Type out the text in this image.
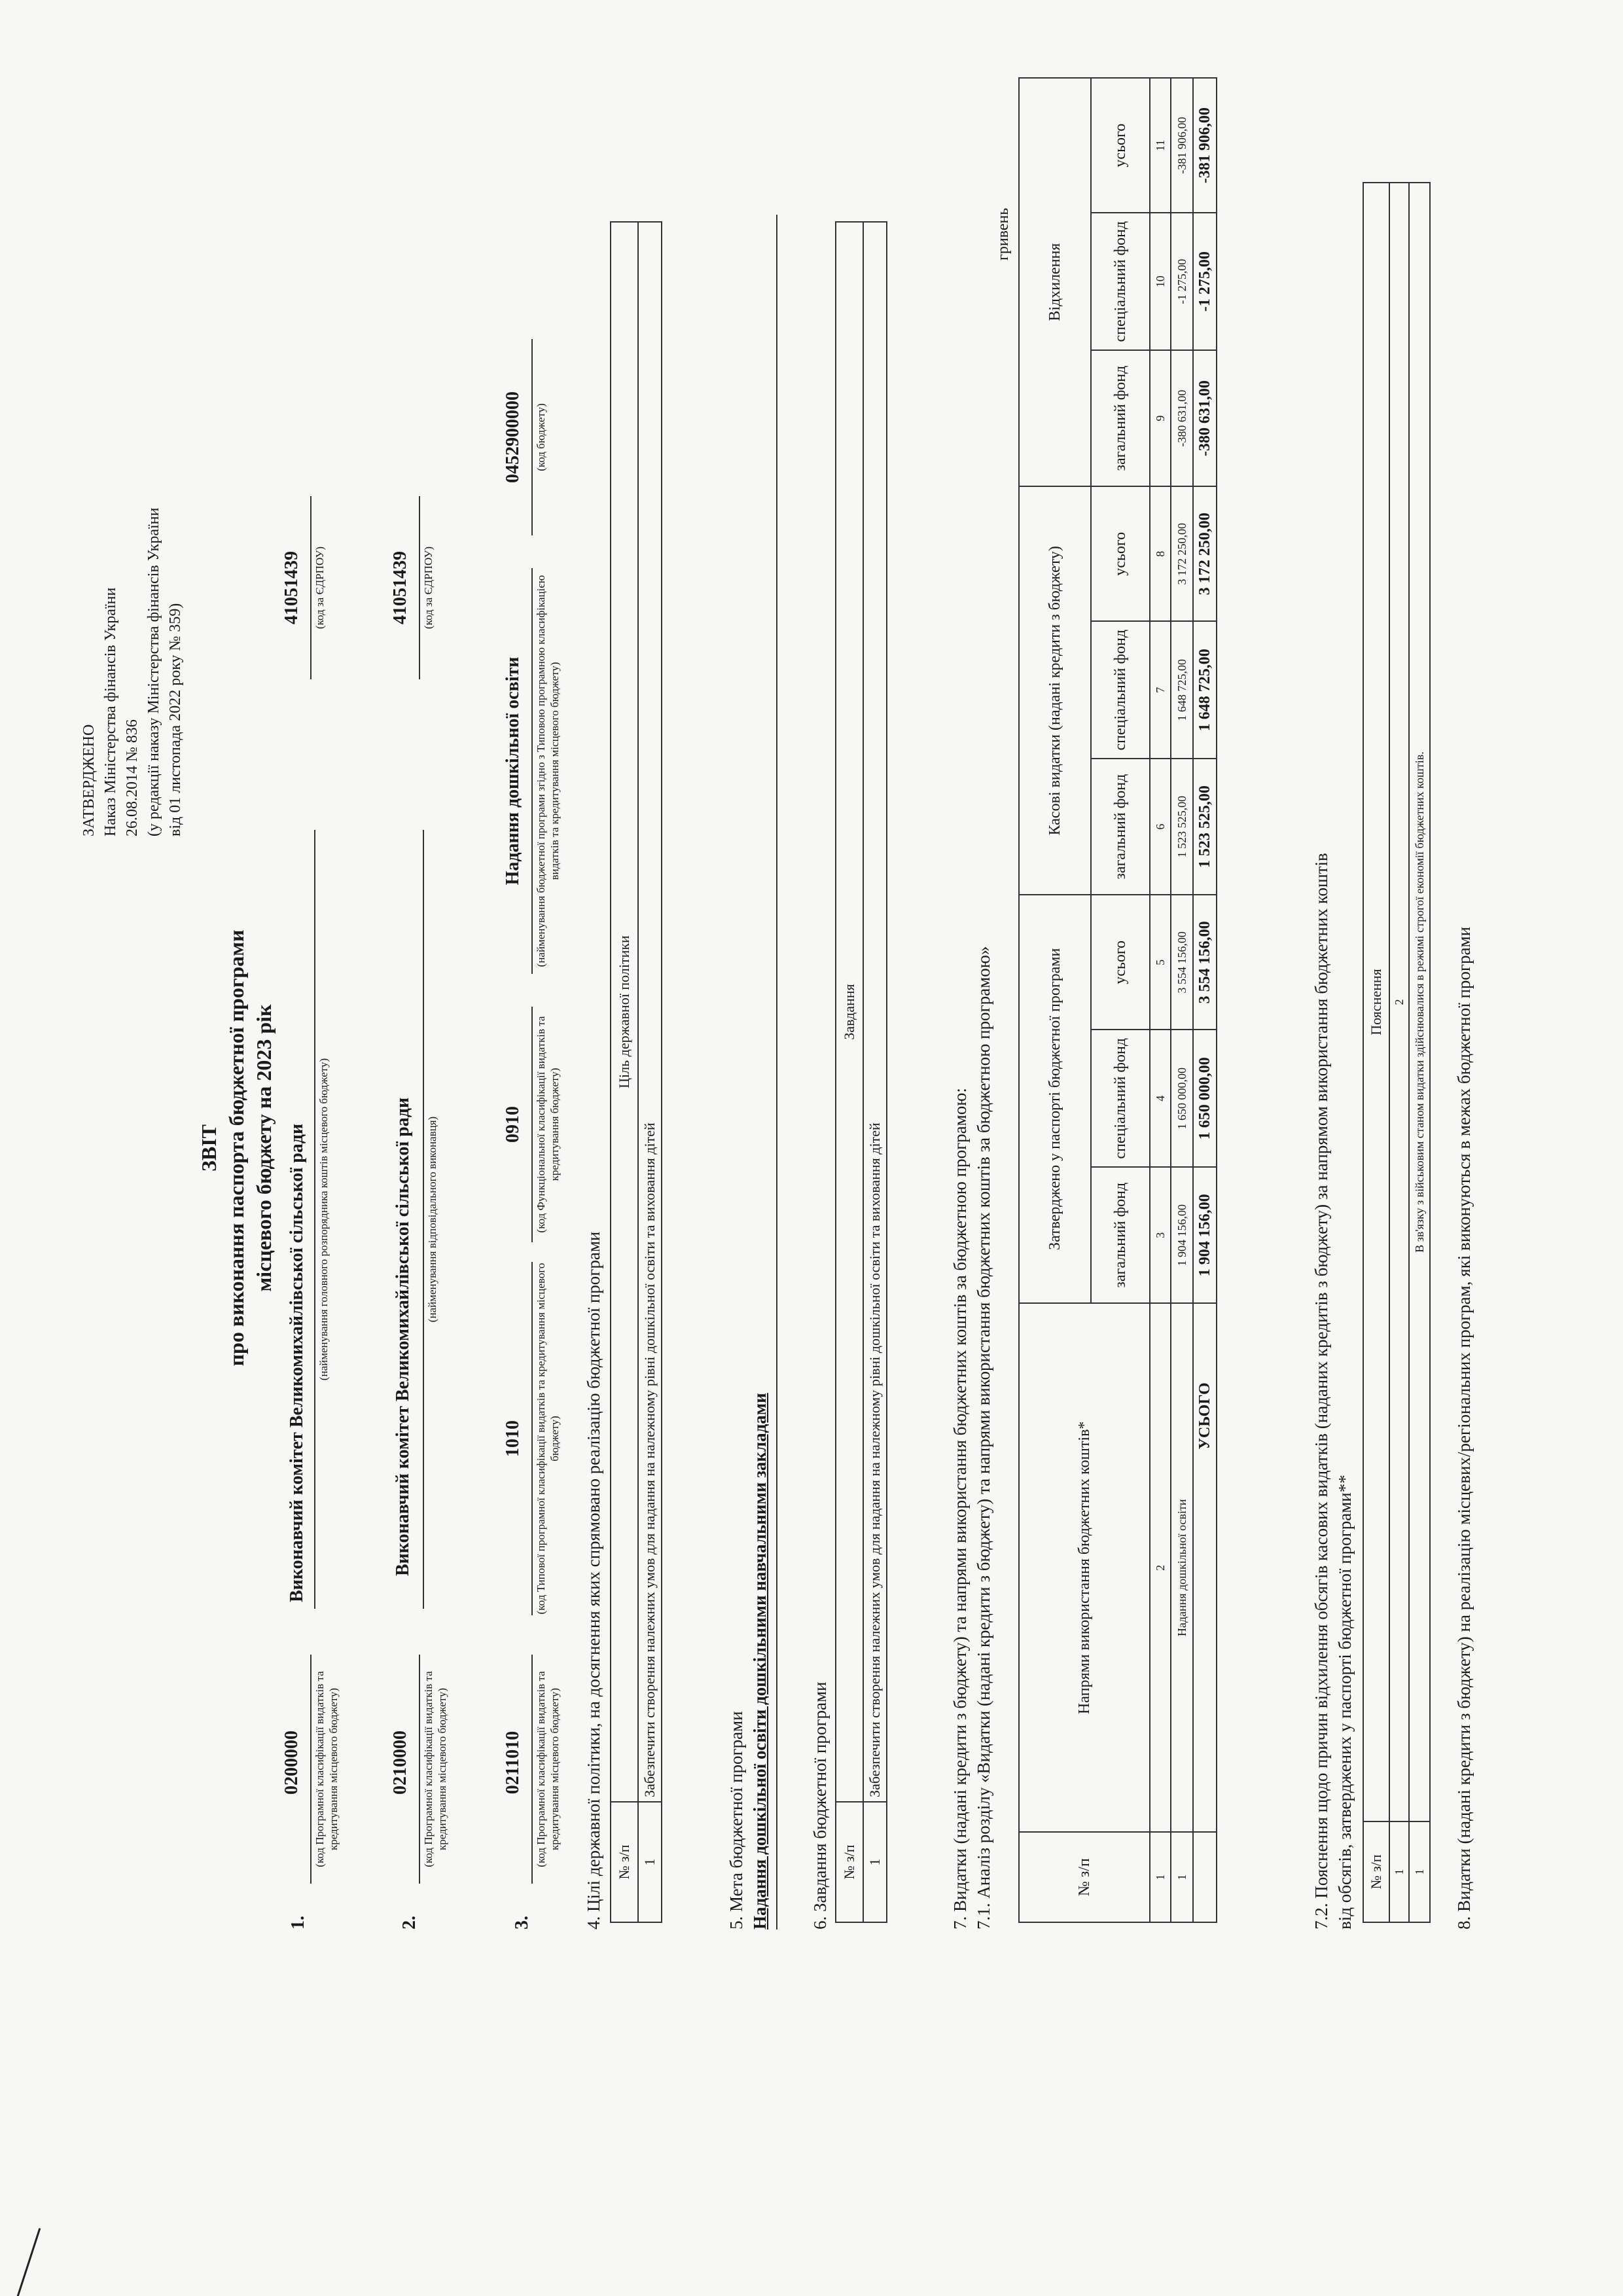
ЗАТВЕРДЖЕНО Наказ Міністерства фінансів України 26.08.2014 № 836 (у редакції наказу Міністерства фінансів України від 01 листопада 2022 року № 359)
ЗВІТ про виконання паспорта бюджетної програми місцевого бюджету на 2023 рік
1.
0200000 (код Програмної класифікації видатків та кредитування місцевого бюджету)
Виконавчий комітет Великомихайлівської сільської ради (найменування головного розпорядника коштів місцевого бюджету)
41051439 (код за ЄДРПОУ)
2.
0210000 (код Програмної класифікації видатків та кредитування місцевого бюджету)
Виконавчий комітет Великомихайлівської сільської ради (найменування відповідального виконавця)
41051439 (код за ЄДРПОУ)
3.
0211010 (код Програмної класифікації видатків та кредитування місцевого бюджету)
1010 (код Типової програмної класифікації видатків та кредитування місцевого бюджету)
0910 (код Функціональної класифікації видатків та кредитування бюджету)
Надання дошкільної освіти (найменування бюджетної програми згідно з Типовою програмною класифікацією видатків та кредитування місцевого бюджету)
0452900000 (код бюджету)
4. Цілі державної політики, на досягнення яких спрямовано реалізацію бюджетної програми № з/п	Ціль державної політики
1	Забезпечити створення належних умов для надання на належному рівні дошкільної освіти та виховання дітей
5. Мета бюджетної програми Надання дошкільної освіти дошкільними навчальними закладами 6. Завдання бюджетної програми № з/п	Завдання
1	Забезпечити створення належних умов для надання на належному рівні дошкільної освіти та виховання дітей	7. Видатки (надані кредити з бюджету) та напрями використання бюджетних коштів за бюджетною програмою: 7.1. Аналіз розділу «Видатки (надані кредити з бюджету) та напрями використання бюджетних коштів за бюджетною програмою»
гривень
№ з/п	Напрями використання бюджетних коштів*	Затверджено у паспорті бюджетної програми			Касові видатки (надані кредити з бюджету)			Відхилення		
		загальний фонд	спеціальний фонд	усього	загальний фонд	спеціальний фонд	усього	загальний фонд	спеціальний фонд	усього
1	2	3	4	5	6	7	8	9	10	11
1	Надання дошкільної освіти	1 904 156,00	1 650 000,00	3 554 156,00	1 523 525,00	1 648 725,00	3 172 250,00	-380 631,00	-1 275,00	-381 906,00
	УСЬОГО	1 904 156,00	1 650 000,00	3 554 156,00	1 523 525,00	1 648 725,00	3 172 250,00	-380 631,00	-1 275,00	-381 906,00
7.2. Пояснення щодо причин відхилення обсягів касових видатків (наданих кредитів з бюджету) за напрямом використання бюджетних коштів від обсягів, затверджених у паспорті бюджетної програми** № з/п	Пояснення
1	2
1	В зв'язку з військовим станом видатки здійснювалися в режимі строгої економії бюджетних коштів. 8. Видатки (надані кредити з бюджету) на реалізацію місцевих/регіональних програм, які виконуються в межах бюджетної програми
